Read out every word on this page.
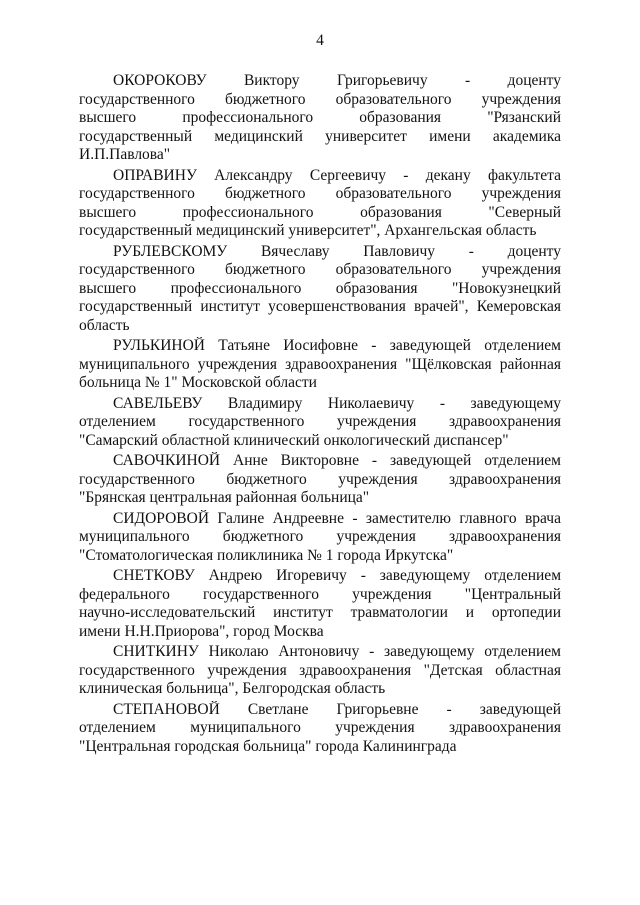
4
ОКОРОКОВУ Виктору Григорьевичу - доценту
государственного бюджетного образовательного учреждения
высшего профессионального образования "Рязанский
государственный медицинский университет имени академика
И.П.Павлова"
ОПРАВИНУ Александру Сергеевичу - декану факультета
государственного бюджетного образовательного учреждения
высшего профессионального образования "Северный
государственный медицинский университет", Архангельская область
РУБЛЕВСКОМУ Вячеславу Павловичу - доценту
государственного бюджетного образовательного учреждения
высшего профессионального образования "Новокузнецкий
государственный институт усовершенствования врачей", Кемеровская
область
РУЛЬКИНОЙ Татьяне Иосифовне - заведующей отделением
муниципального учреждения здравоохранения "Щёлковская районная
больница № 1" Московской области
САВЕЛЬЕВУ Владимиру Николаевичу - заведующему
отделением государственного учреждения здравоохранения
"Самарский областной клинический онкологический диспансер"
САВОЧКИНОЙ Анне Викторовне - заведующей отделением
государственного бюджетного учреждения здравоохранения
"Брянская центральная районная больница"
СИДОРОВОЙ Галине Андреевне - заместителю главного врача
муниципального бюджетного учреждения здравоохранения
"Стоматологическая поликлиника № 1 города Иркутска"
СНЕТКОВУ Андрею Игоревичу - заведующему отделением
федерального государственного учреждения "Центральный
научно-исследовательский институт травматологии и ортопедии
имени Н.Н.Приорова", город Москва
СНИТКИНУ Николаю Антоновичу - заведующему отделением
государственного учреждения здравоохранения "Детская областная
клиническая больница", Белгородская область
СТЕПАНОВОЙ Светлане Григорьевне - заведующей
отделением муниципального учреждения здравоохранения
"Центральная городская больница" города Калининграда
